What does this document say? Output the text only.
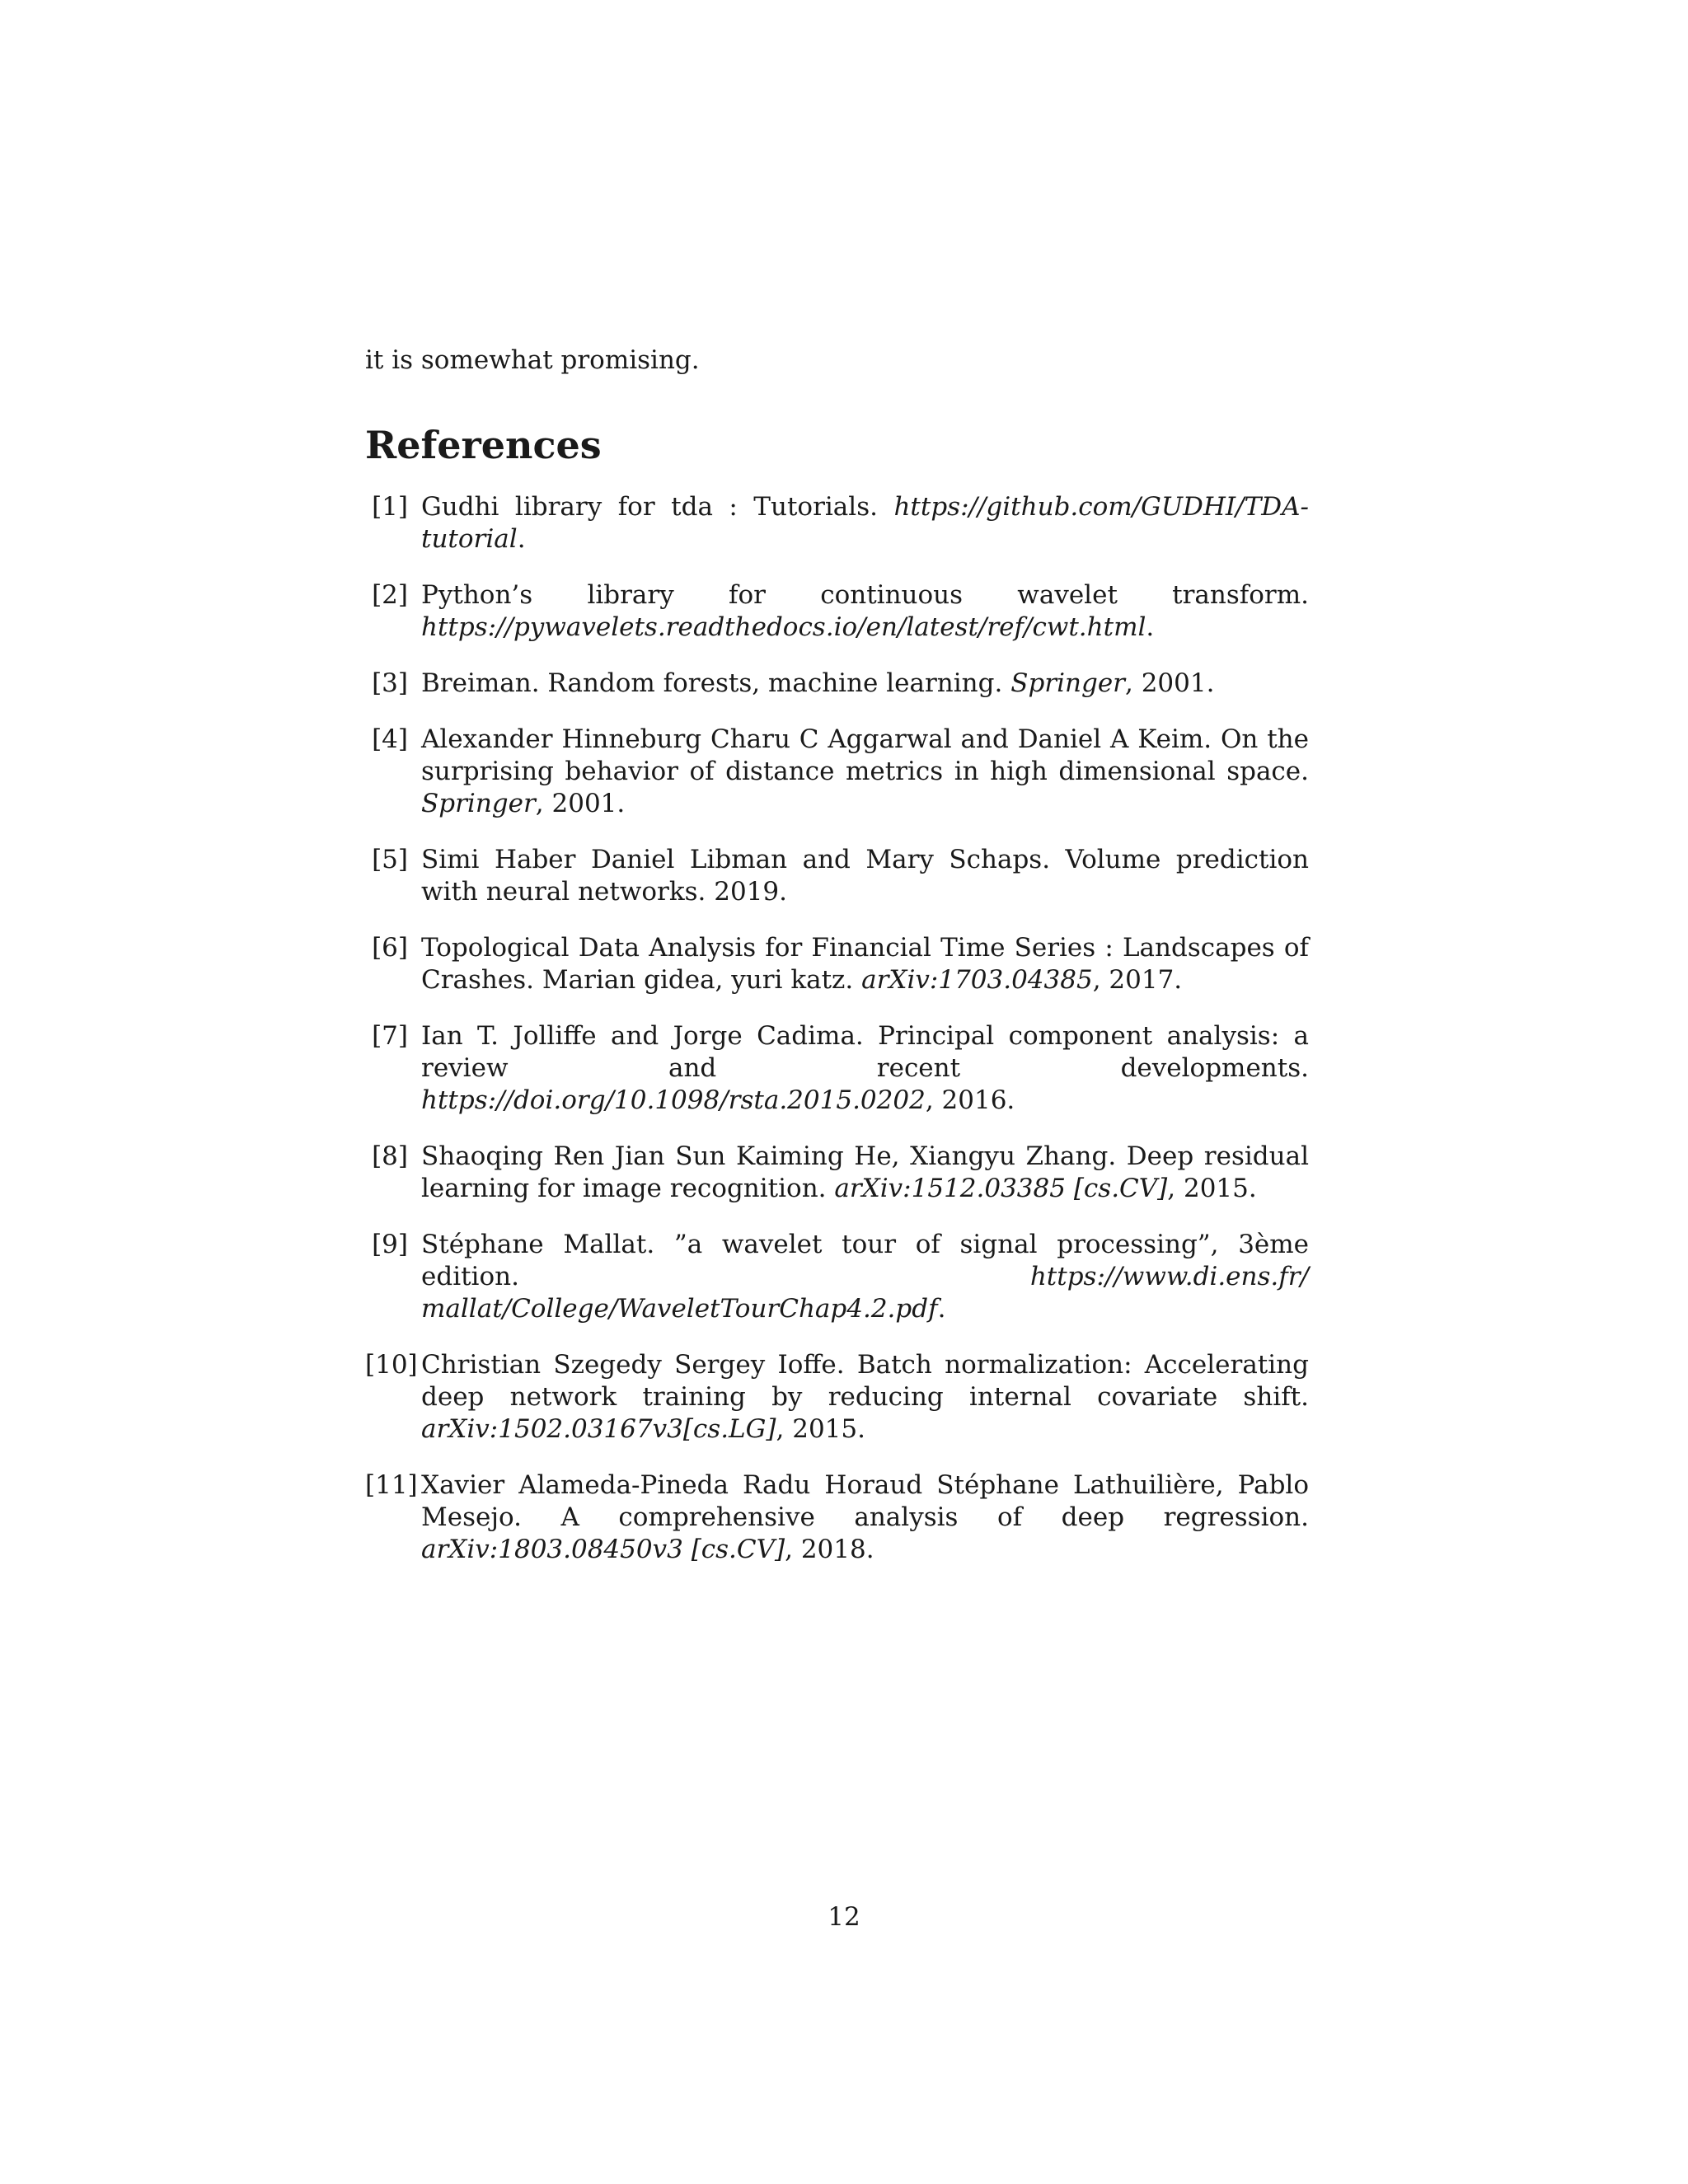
it is somewhat promising.
References
[1] Gudhi library for tda : Tutorials. https://github.com/GUDHI/TDA-tutorial.
[2] Python’s library for continuous wavelet transform. https://pywavelets.readthedocs.io/en/latest/ref/cwt.html.
[3] Breiman. Random forests, machine learning. Springer, 2001.
[4] Alexander Hinneburg Charu C Aggarwal and Daniel A Keim. On the surprising behavior of distance metrics in high dimensional space. Springer, 2001.
[5] Simi Haber Daniel Libman and Mary Schaps. Volume prediction with neural networks. 2019.
[6] Topological Data Analysis for Financial Time Series : Landscapes of Crashes. Marian gidea, yuri katz. arXiv:1703.04385, 2017.
[7] Ian T. Jolliffe and Jorge Cadima. Principal component analysis: a review and recent developments. https://doi.org/10.1098/rsta.2015.0202, 2016.
[8] Shaoqing Ren Jian Sun Kaiming He, Xiangyu Zhang. Deep residual learning for image recognition. arXiv:1512.03385 [cs.CV], 2015.
[9] Stéphane Mallat. ”a wavelet tour of signal processing”, 3ème edition. https://www.di.ens.fr/ mallat/College/WaveletTourChap4.2.pdf.
[10] Christian Szegedy Sergey Ioffe. Batch normalization: Accelerating deep network training by reducing internal covariate shift. arXiv:1502.03167v3[cs.LG], 2015.
[11] Xavier Alameda-Pineda Radu Horaud Stéphane Lathuilière, Pablo Mesejo. A comprehensive analysis of deep regression. arXiv:1803.08450v3 [cs.CV], 2018.
12
